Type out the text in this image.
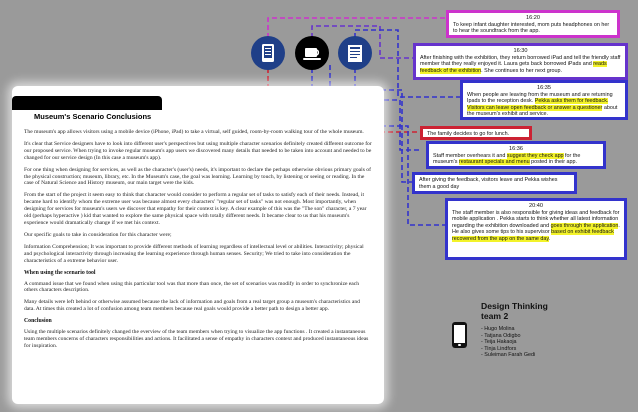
Museum's Scenario Conclusions

The museum's app allows visitors using a mobile device (iPhone, iPad) to take a virtual, self guided, room-by-room walking tour of the whole museum.

It's clear that Service designers have to look into different user's perspectives but using multiple character scenarios definitely created different outcome for our proposed service. When trying to invoke regular museum's app users we discovered many details that needed to be taken into account and needed to be changed for our service design (In this case a museum's app).

For one thing when designing for services, as well as the character's (user's) needs, it's important to declare the perhaps otherwise obvious primary goals of the physical construction; museum, library, etc. In the Museum's case, the goal was learning. Learning by touch, by listening or seeing or reading. In the case of Natural Science and History museum, our main target were the kids.

From the start of the project it seem easy to think that character would consider to perform a regular set of tasks to satisfy each of their needs. Instead, it became hard to identify whom the extreme user was because almost every characters' "regular set of tasks" was not enough. Most importantly, when designing for services for museum's users we discover that empathy for their context is key. A clear example of this was the "The son" character, a 7 year old (perhaps hyperactive ) kid that wanted to explore the same physical space with totally different needs. It became clear to us that his museum's experience would dramatically change if we met his context.

Our specific goals to take in consideration for this character were;

Information Comprehension; It was important to provide different methods of learning regardless of intellectual level or abilities. Interactivity; physical and psychological interactivity through increasing the learning experience through human senses. Security; We tried to take into consideration the characteristics of a extreme behavior user.

When using the scenario tool

A command issue that we found when using this particular tool was that more than once, the set of scenarios was modify in order to synchronize each others characters description.

Many details were left behind or otherwise assumed because the lack of information and goals from a real target group a museum's characteristics and data. At times this created a lot of confusion among team members because real goals would provide a better path to design a better app.

Conclusion

Using the multiple scenarios definitely changed the everview of the team members when trying to visualize the app functions . It created a instantaneous team members concerns of characters responsibilities and actions. It facilitated a sense of empathy in characters context and produced instantaneous ideas for inspiration.

16:20
To keep infant daughter interested, mom puts headphones on her to hear the soundtrack from the app.
16:30
After finishing with the exhibition, they return borrowed iPad and tell the friendly staff member that they really enjoyed it. Laura gets back borrowed iPads and reads feedback of the exhibition. She continues to her next group.
16:35
When people are leaving from the museum and are returning Ipads to the reception desk. Pekka asks them for feedback. Visitors can leave open feedback or answer a questioner about the museum's exhibit and service.
The family decides to go for lunch.
16:36
Staff member overhears it and suggest they check app for the museum's restaurant specials and menu posted in their app.
After giving the feedback, visitors leave and Pekka wishes them a good day
20:40
The staff member is also responsible for giving ideas and feedback for mobile application . Pekka starts to think whether all latest information regarding the exhibition downloaded and goes through the application. He also gives some tips to his supervisor based on exhibit feedback recovered from the app on the same day.
Design Thinking
team 2
- Hugo Molina
- Tatjana Odigbo
- Teija Hakaoja
- Tinja Lindfors
- Suleiman Farah Gedi
